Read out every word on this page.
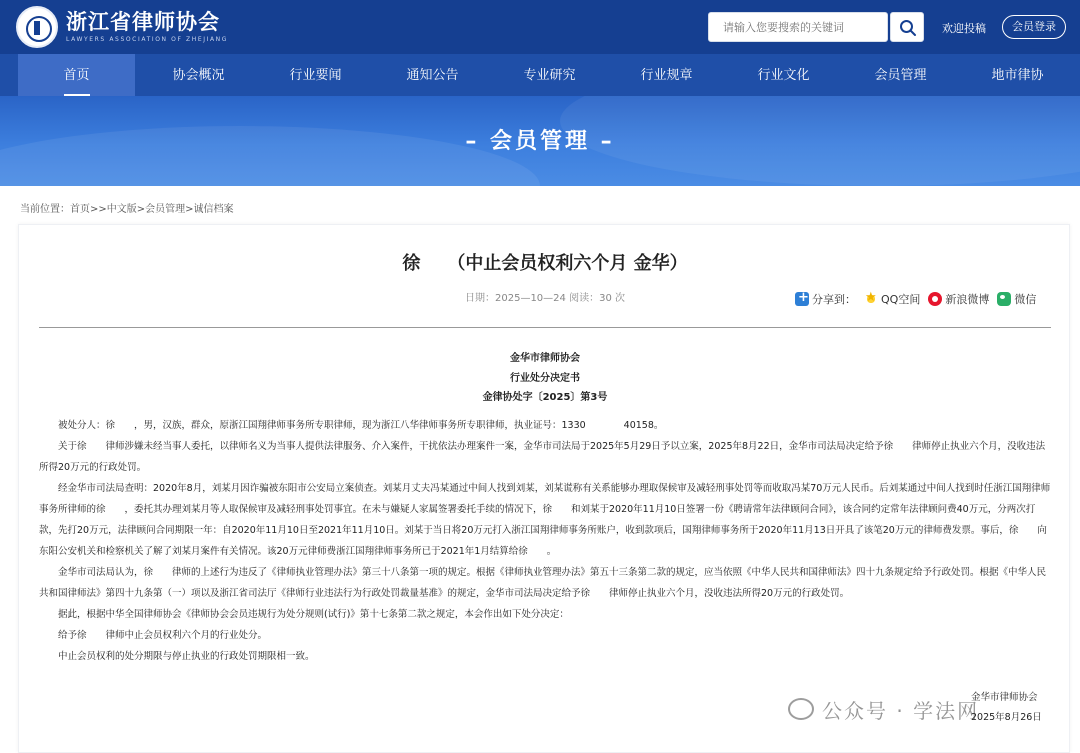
浙江省律师协会
LAWYERS ASSOCIATION OF ZHEJIANG
请输入您要搜索的关键词
欢迎投稿	会员登录
首页	协会概况	行业要闻	通知公告	专业研究	行业规章	行业文化	会员管理	地市律协
– 会员管理 –
当前位置：首页>>中文版>会员管理>诚信档案
徐　　（中止会员权利六个月 金华）
日期：2025—10—24 阅读：30 次
+	分享到：
★ QQ空间 新浪微博 微信
金华市律师协会
行业处分决定书
金律协处字〔2025〕第3号
被处分人：徐　　，男，汉族，群众，原浙江国翔律师事务所专职律师，现为浙江八华律师事务所专职律师，执业证号：1330　　　　40158。
关于徐　　律师涉嫌未经当事人委托，以律师名义为当事人提供法律服务、介入案件，干扰依法办理案件一案，金华市司法局于2025年5月29日予以立案，2025年8月22日，金华市司法局决定给予徐　　律师停止执业六个月，没收违法所得20万元的行政处罚。
经金华市司法局查明：2020年8月，刘某月因诈骗被东阳市公安局立案侦查。刘某月丈夫冯某通过中间人找到刘某，刘某谎称有关系能够办理取保候审及减轻刑事处罚等而收取冯某70万元人民币。后刘某通过中间人找到时任浙江国翔律师事务所律师的徐　　，委托其办理刘某月等人取保候审及减轻刑事处罚事宜。在未与嫌疑人家属签署委托手续的情况下，徐　　和刘某于2020年11月10日签署一份《聘请常年法律顾问合同》，该合同约定常年法律顾问费40万元，分两次打款，先打20万元，法律顾问合同期限一年：自2020年11月10日至2021年11月10日。刘某于当日将20万元打入浙江国翔律师事务所账户，收到款项后，国翔律师事务所于2020年11月13日开具了该笔20万元的律师费发票。事后，徐　　向东阳公安机关和检察机关了解了刘某月案件有关情况。该20万元律师费浙江国翔律师事务所已于2021年1月结算给徐　　。
金华市司法局认为，徐　　律师的上述行为违反了《律师执业管理办法》第三十八条第一项的规定。根据《律师执业管理办法》第五十三条第二款的规定，应当依照《中华人民共和国律师法》四十九条规定给予行政处罚。根据《中华人民共和国律师法》第四十九条第（一）项以及浙江省司法厅《律师行业违法行为行政处罚裁量基准》的规定，金华市司法局决定给予徐　　律师停止执业六个月，没收违法所得20万元的行政处罚。
据此，根据中华全国律师协会《律师协会会员违规行为处分规则(试行)》第十七条第二款之规定，本会作出如下处分决定：
给予徐　　律师中止会员权利六个月的行业处分。
中止会员权利的处分期限与停止执业的行政处罚期限相一致。
金华市律师协会
2025年8月26日
公众号 · 学法网
